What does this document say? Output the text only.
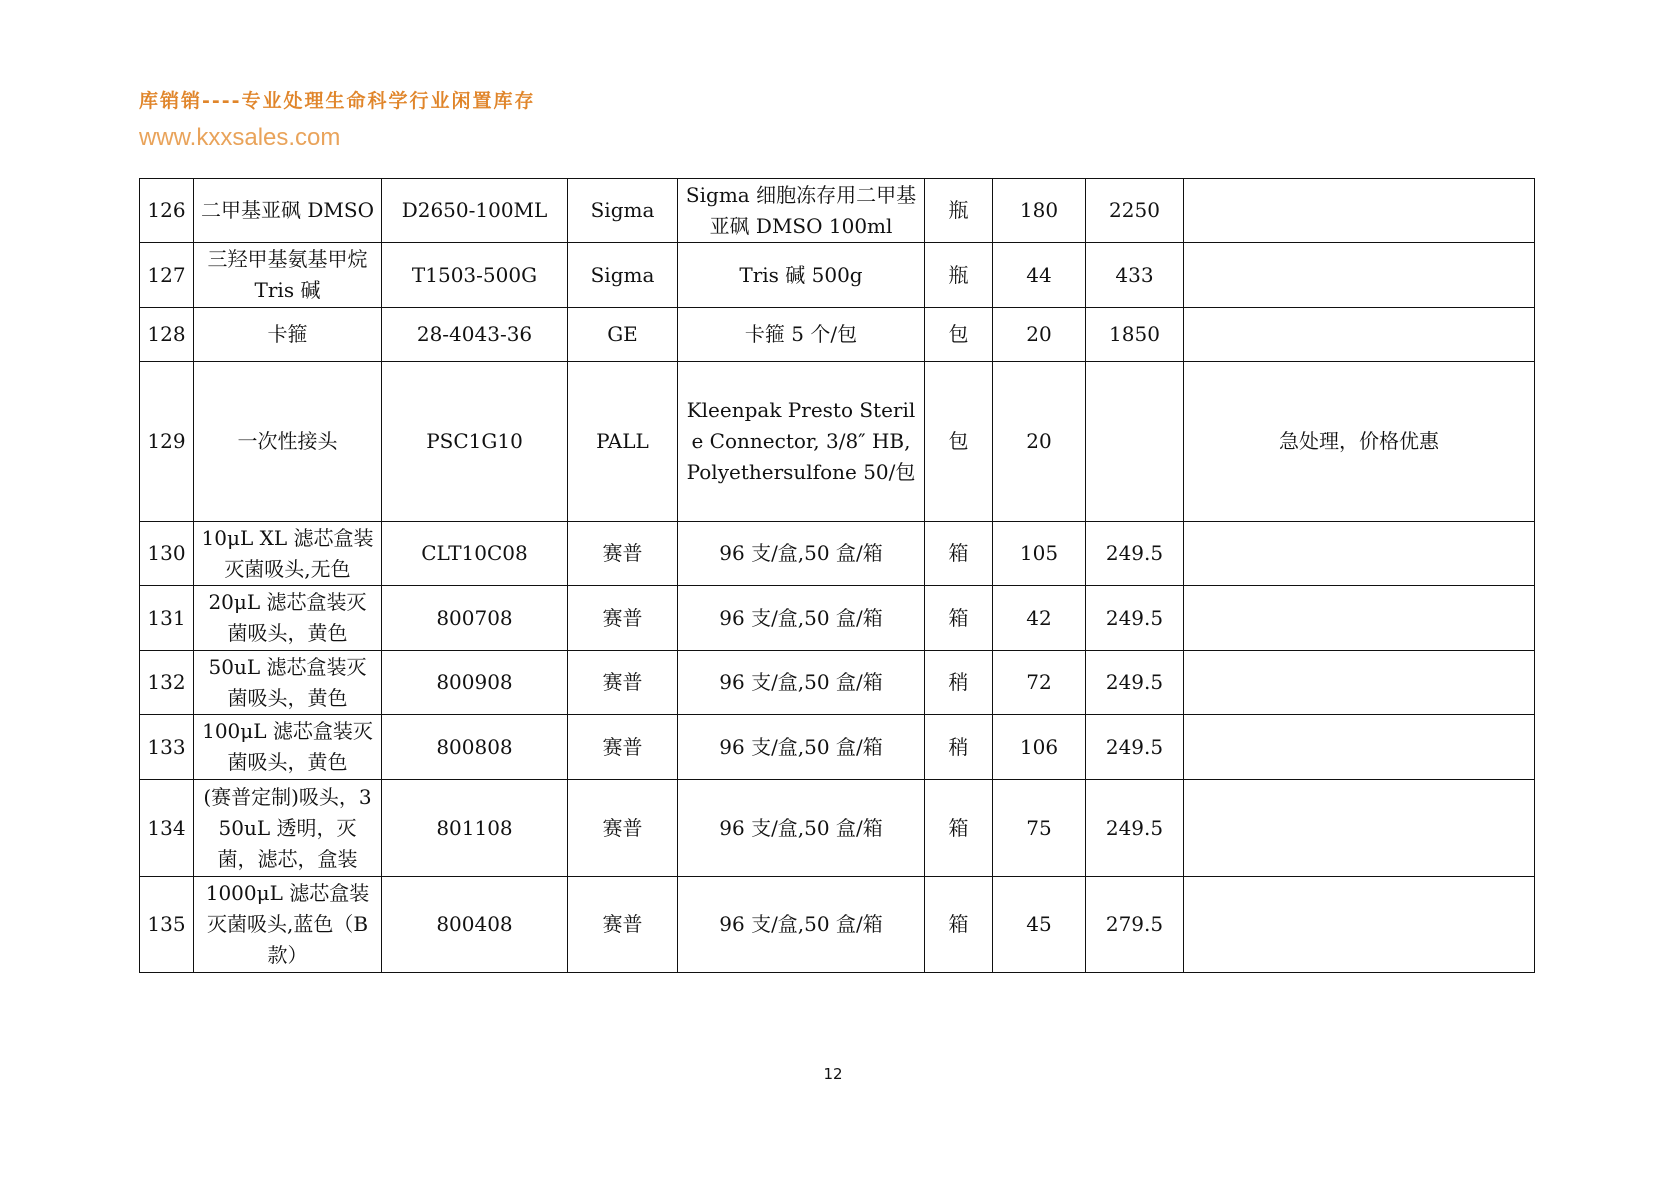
库销销----专业处理生命科学行业闲置库存
www.kxxsales.com
126	二甲基亚砜 DMSO	D2650-100ML	Sigma	Sigma 细胞冻存用二甲基亚砜 DMSO 100ml	瓶	180	2250	
127	三羟甲基氨基甲烷 Tris 碱	T1503-500G	Sigma	Tris 碱 500g	瓶	44	433	
128	卡箍	28-4043-36	GE	卡箍 5 个/包	包	20	1850	
129	一次性接头	PSC1G10	PALL	Kleenpak Presto Sterile Connector, 3/8″ HB, Polyethersulfone 50/包	包	20		急处理，价格优惠
130	10μL XL 滤芯盒装灭菌吸头,无色	CLT10C08	赛普	96 支/盒,50 盒/箱	箱	105	249.5	
131	20μL 滤芯盒装灭菌吸头，黄色	800708	赛普	96 支/盒,50 盒/箱	箱	42	249.5	
132	50uL 滤芯盒装灭菌吸头，黄色	800908	赛普	96 支/盒,50 盒/箱	稍	72	249.5	
133	100μL 滤芯盒装灭菌吸头，黄色	800808	赛普	96 支/盒,50 盒/箱	稍	106	249.5	
134	(赛普定制)吸头，350uL 透明，灭菌，滤芯，盒装	801108	赛普	96 支/盒,50 盒/箱	箱	75	249.5	
135	1000μL 滤芯盒装灭菌吸头,蓝色（B 款）	800408	赛普	96 支/盒,50 盒/箱	箱	45	279.5	
12
